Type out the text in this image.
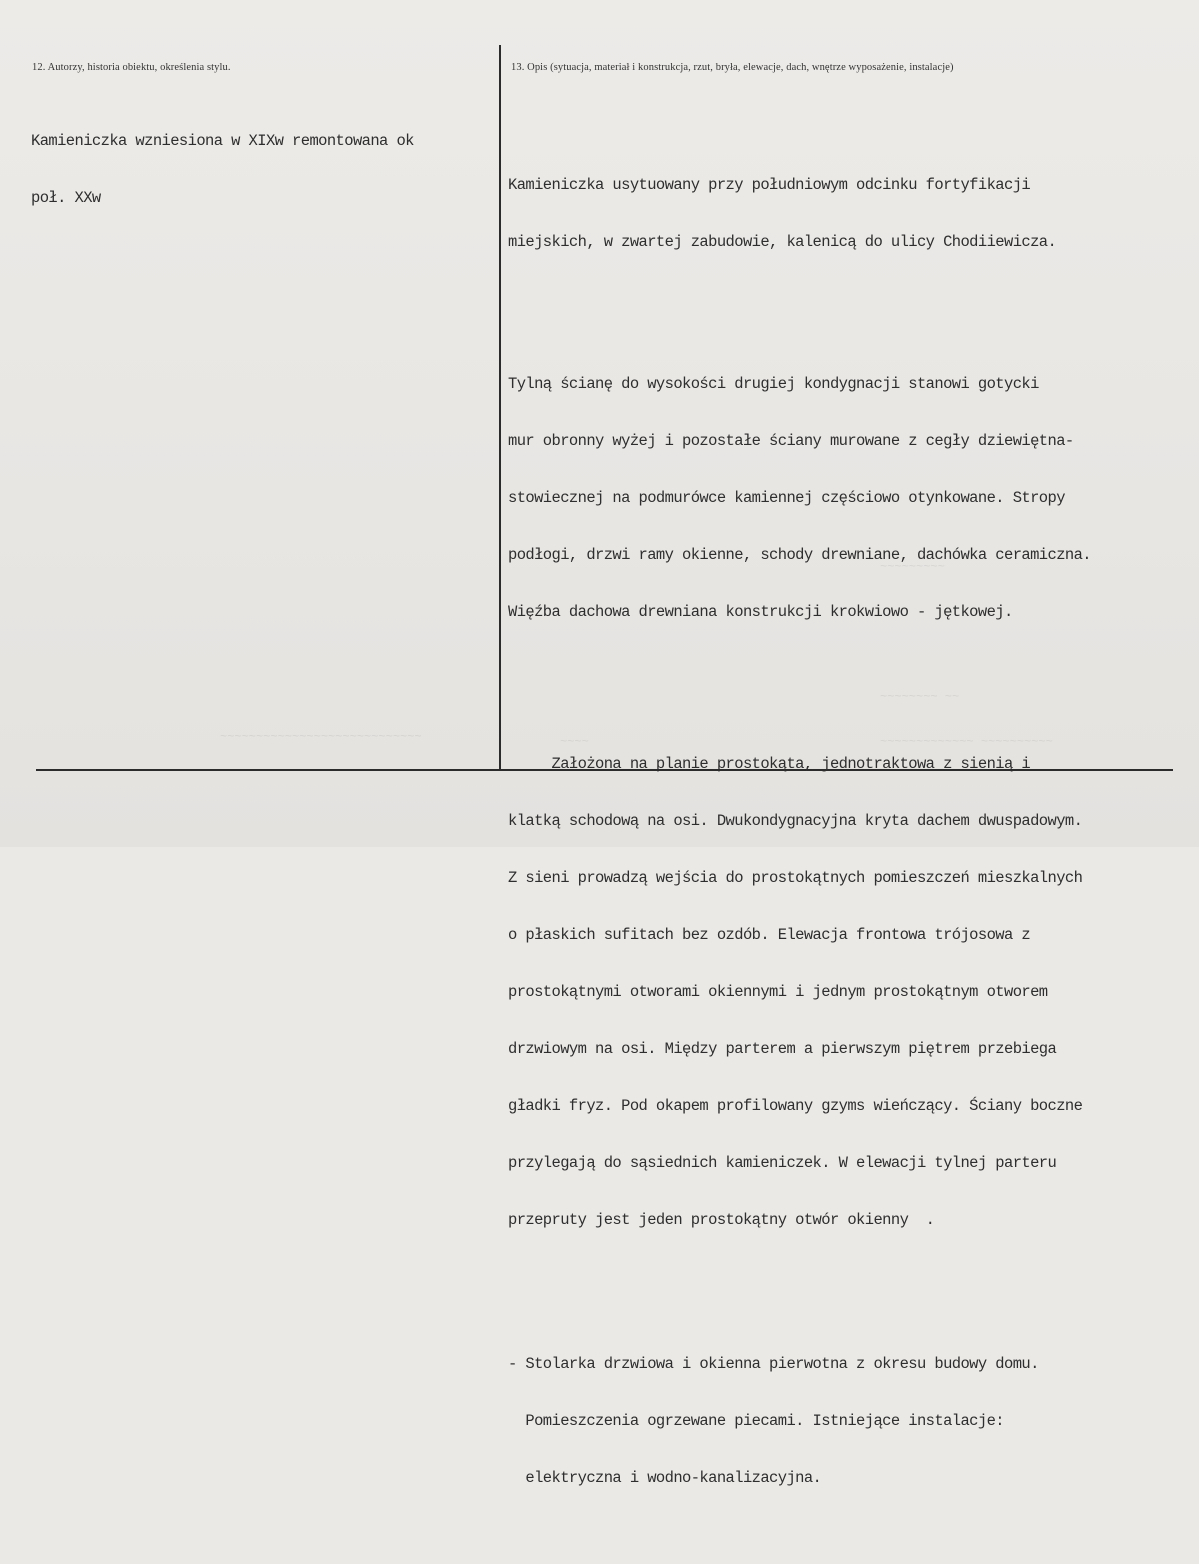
~~~~~~~~ ~~
~~~~~~~~~~~~~ ~~~~~~~~~~
~~~~
~~~~~~~~~
~~~~~~~~~~~~~~~~~~~~~~~~~~~~
12. Autorzy, historia obiektu, określenia stylu.	13. Opis (sytuacja, materiał i konstrukcja, rzut, bryła, elewacje, dach, wnętrze wyposażenie, instalacje)

Kamieniczka wzniesiona w XIXw remontowana ok

poł. XXw

Kamieniczka usytuowany przy południowym odcinku fortyfikacji

miejskich, w zwartej zabudowie, kalenicą do ulicy Chodiiewicza.

Tylną ścianę do wysokości drugiej kondygnacji stanowi gotycki

mur obronny wyżej i pozostałe ściany murowane z cegły dziewiętna-

stowiecznej na podmurówce kamiennej częściowo otynkowane. Stropy

podłogi, drzwi ramy okienne, schody drewniane, dachówka ceramiczna.

Więźba dachowa drewniana konstrukcji krokwiowo - jętkowej.

Założona na planie prostokąta, jednotraktowa z sienią i

klatką schodową na osi. Dwukondygnacyjna kryta dachem dwuspadowym.

Z sieni prowadzą wejścia do prostokątnych pomieszczeń mieszkalnych

o płaskich sufitach bez ozdób. Elewacja frontowa trójosowa z

prostokątnymi otworami okiennymi i jednym prostokątnym otworem

drzwiowym na osi. Między parterem a pierwszym piętrem przebiega

gładki fryz. Pod okapem profilowany gzyms wieńczący. Ściany boczne

przylegają do sąsiednich kamieniczek. W elewacji tylnej parteru

przepruty jest jeden prostokątny otwór okienny  .

- Stolarka drzwiowa i okienna pierwotna z okresu budowy domu.

Pomieszczenia ogrzewane piecami. Istniejące instalacje:

elektryczna i wodno-kanalizacyjna.
